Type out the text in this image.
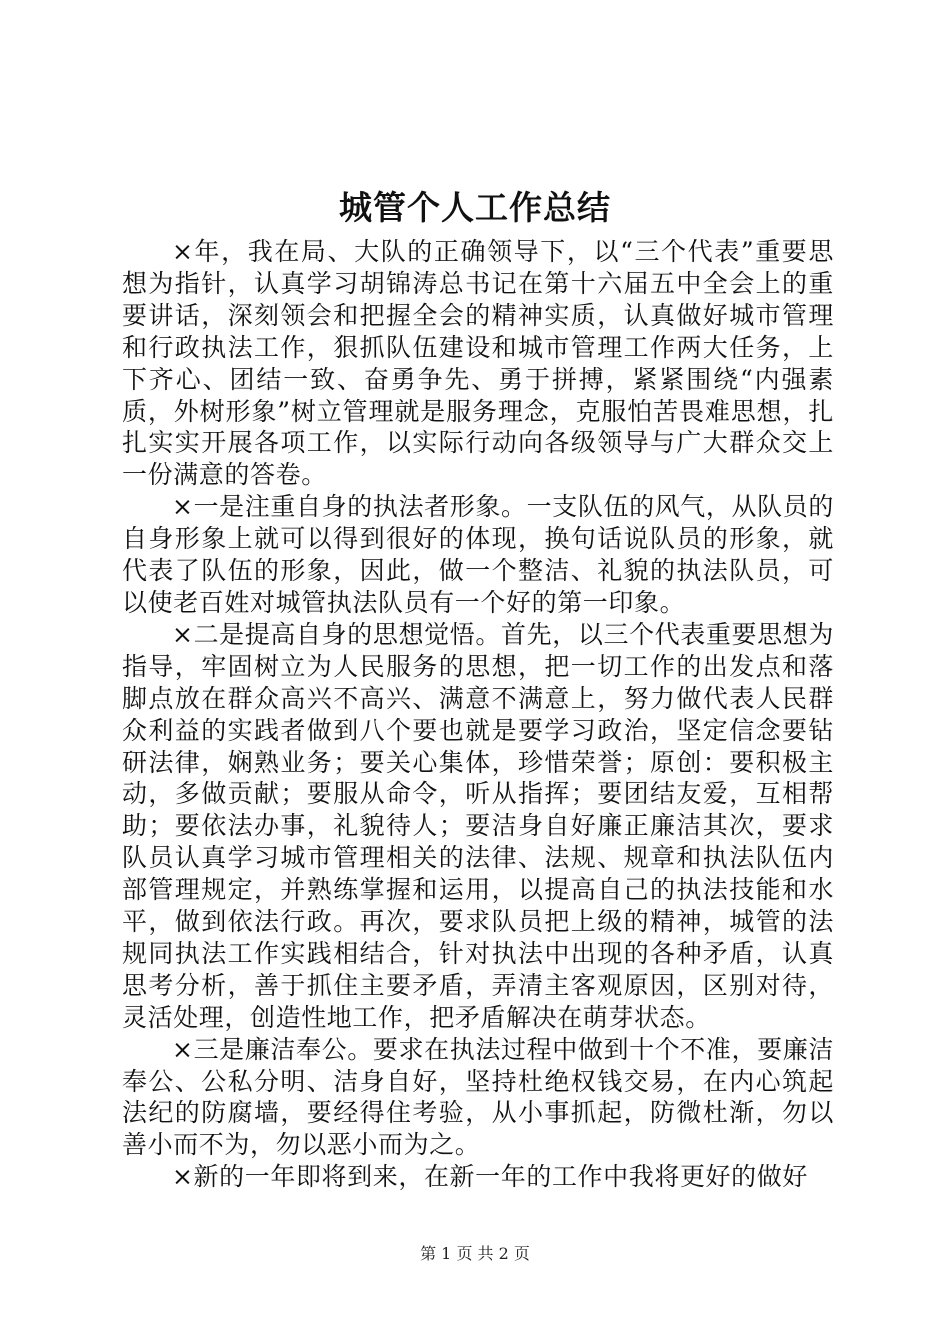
城管个人工作总结

×年，我在局、大队的正确领导下，以“三个代表”重要思想为指针，认真学习胡锦涛总书记在第十六届五中全会上的重要讲话，深刻领会和把握全会的精神实质，认真做好城市管理和行政执法工作，狠抓队伍建设和城市管理工作两大任务，上下齐心、团结一致、奋勇争先、勇于拼搏，紧紧围绕“内强素质，外树形象”树立管理就是服务理念，克服怕苦畏难思想，扎扎实实开展各项工作，以实际行动向各级领导与广大群众交上一份满意的答卷。

×一是注重自身的执法者形象。一支队伍的风气，从队员的自身形象上就可以得到很好的体现，换句话说队员的形象，就代表了队伍的形象，因此，做一个整洁、礼貌的执法队员，可以使老百姓对城管执法队员有一个好的第一印象。

×二是提高自身的思想觉悟。首先，以三个代表重要思想为指导，牢固树立为人民服务的思想，把一切工作的出发点和落脚点放在群众高兴不高兴、满意不满意上，努力做代表人民群众利益的实践者做到八个要也就是要学习政治，坚定信念要钻研法律，娴熟业务；要关心集体，珍惜荣誉；原创：要积极主动，多做贡献；要服从命令，听从指挥；要团结友爱，互相帮助；要依法办事，礼貌待人；要洁身自好廉正廉洁其次，要求队员认真学习城市管理相关的法律、法规、规章和执法队伍内部管理规定，并熟练掌握和运用，以提高自己的执法技能和水平，做到依法行政。再次，要求队员把上级的精神，城管的法规同执法工作实践相结合，针对执法中出现的各种矛盾，认真思考分析，善于抓住主要矛盾，弄清主客观原因，区别对待，灵活处理，创造性地工作，把矛盾解决在萌芽状态。

×三是廉洁奉公。要求在执法过程中做到十个不准，要廉洁奉公、公私分明、洁身自好，坚持杜绝权钱交易，在内心筑起法纪的防腐墙，要经得住考验，从小事抓起，防微杜渐，勿以善小而不为，勿以恶小而为之。

×新的一年即将到来，在新一年的工作中我将更好的做好

第 1 页 共 2 页
